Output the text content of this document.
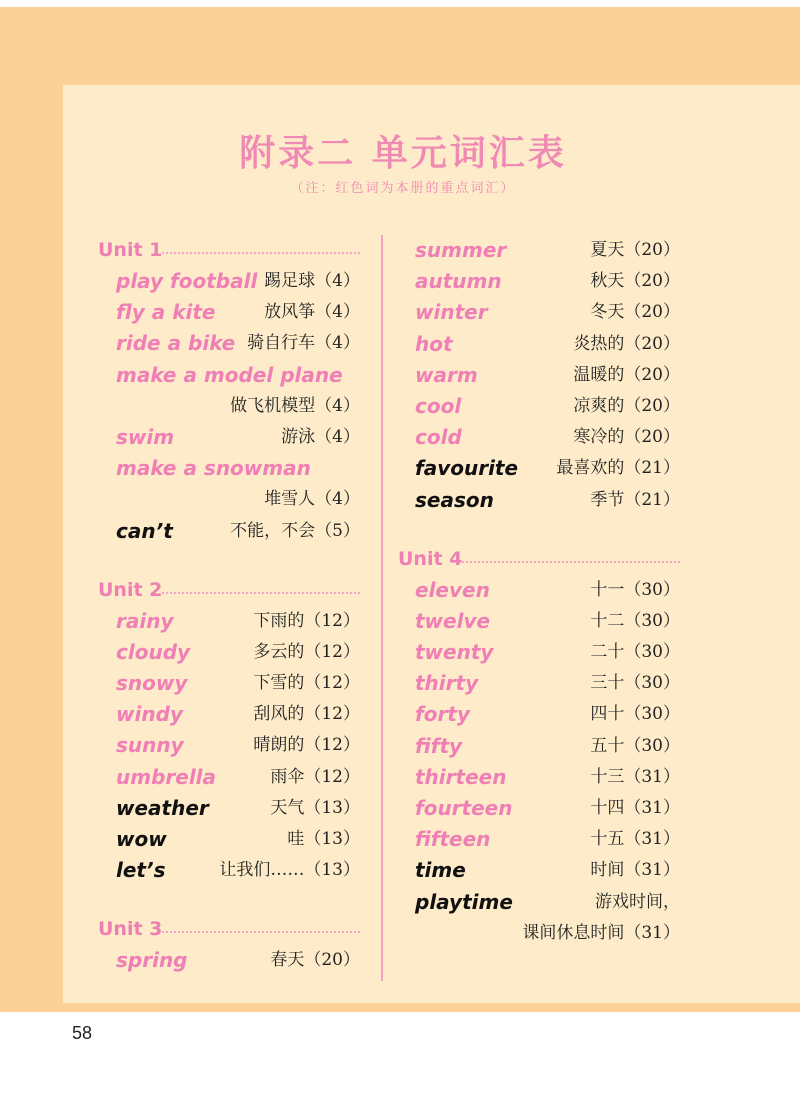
附录二 单元词汇表
（注：红色词为本册的重点词汇）
Unit 1
play football 踢足球（4）
fly a kite	放风筝（4）
ride a bike 骑自行车（4）
make a model plane
做飞机模型（4）
swim	游泳（4）
make a snowman
堆雪人（4）
can’t	不能，不会（5）
Unit 2
rainy	下雨的（12）
cloudy	多云的（12）
snowy	下雪的（12）
windy	刮风的（12）
sunny	晴朗的（12）
umbrella	雨伞（12）
weather	天气（13）
wow	哇（13）
let’s	让我们……（13）
Unit 3
spring	春天（20）
summer	夏天（20）
autumn	秋天（20）
winter	冬天（20）
hot	炎热的（20）
warm	温暖的（20）
cool	凉爽的（20）
cold	寒冷的（20）
favourite 最喜欢的（21）
season	季节（21）
Unit 4
eleven	十一（30）
twelve	十二（30）
twenty	二十（30）
thirty	三十（30）
forty	四十（30）
fifty	五十（30）
thirteen	十三（31）
fourteen	十四（31）
fifteen	十五（31）
time	时间（31）
playtime	游戏时间，
课间休息时间（31）
58
